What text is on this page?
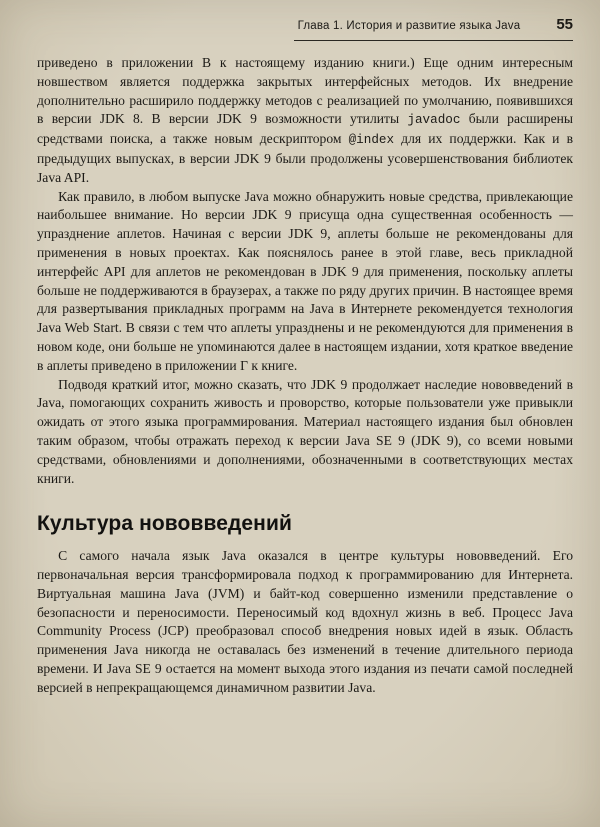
Глава 1. История и развитие языка Java 55

приведено в приложении В к настоящему изданию книги.) Еще одним интересным новшеством является поддержка закрытых интерфейсных методов. Их внедрение дополнительно расширило поддержку методов с реализацией по умолчанию, появившихся в версии JDK 8. В версии JDK 9 возможности утилиты javadoc были расширены средствами поиска, а также новым дескриптором @index для их поддержки. Как и в предыдущих выпусках, в версии JDK 9 были продолжены усовершенствования библиотек Java API.

Как правило, в любом выпуске Java можно обнаружить новые средства, привлекающие наибольшее внимание. Но версии JDK 9 присуща одна существенная особенность — упразднение аплетов. Начиная с версии JDK 9, аплеты больше не рекомендованы для применения в новых проектах. Как пояснялось ранее в этой главе, весь прикладной интерфейс API для аплетов не рекомендован в JDK 9 для применения, поскольку аплеты больше не поддерживаются в браузерах, а также по ряду других причин. В настоящее время для развертывания прикладных программ на Java в Интернете рекомендуется технология Java Web Start. В связи с тем что аплеты упразднены и не рекомендуются для применения в новом коде, они больше не упоминаются далее в настоящем издании, хотя краткое введение в аплеты приведено в приложении Г к книге.

Подводя краткий итог, можно сказать, что JDK 9 продолжает наследие нововведений в Java, помогающих сохранить живость и проворство, которые пользователи уже привыкли ожидать от этого языка программирования. Материал настоящего издания был обновлен таким образом, чтобы отражать переход к версии Java SE 9 (JDK 9), со всеми новыми средствами, обновлениями и дополнениями, обозначенными в соответствующих местах книги.

Культура нововведений

С самого начала язык Java оказался в центре культуры нововведений. Его первоначальная версия трансформировала подход к программированию для Интернета. Виртуальная машина Java (JVM) и байт-код совершенно изменили представление о безопасности и переносимости. Переносимый код вдохнул жизнь в веб. Процесс Java Community Process (JCP) преобразовал способ внедрения новых идей в язык. Область применения Java никогда не оставалась без изменений в течение длительного периода времени. И Java SE 9 остается на момент выхода этого издания из печати самой последней версией в непрекращающемся динамичном развитии Java.
